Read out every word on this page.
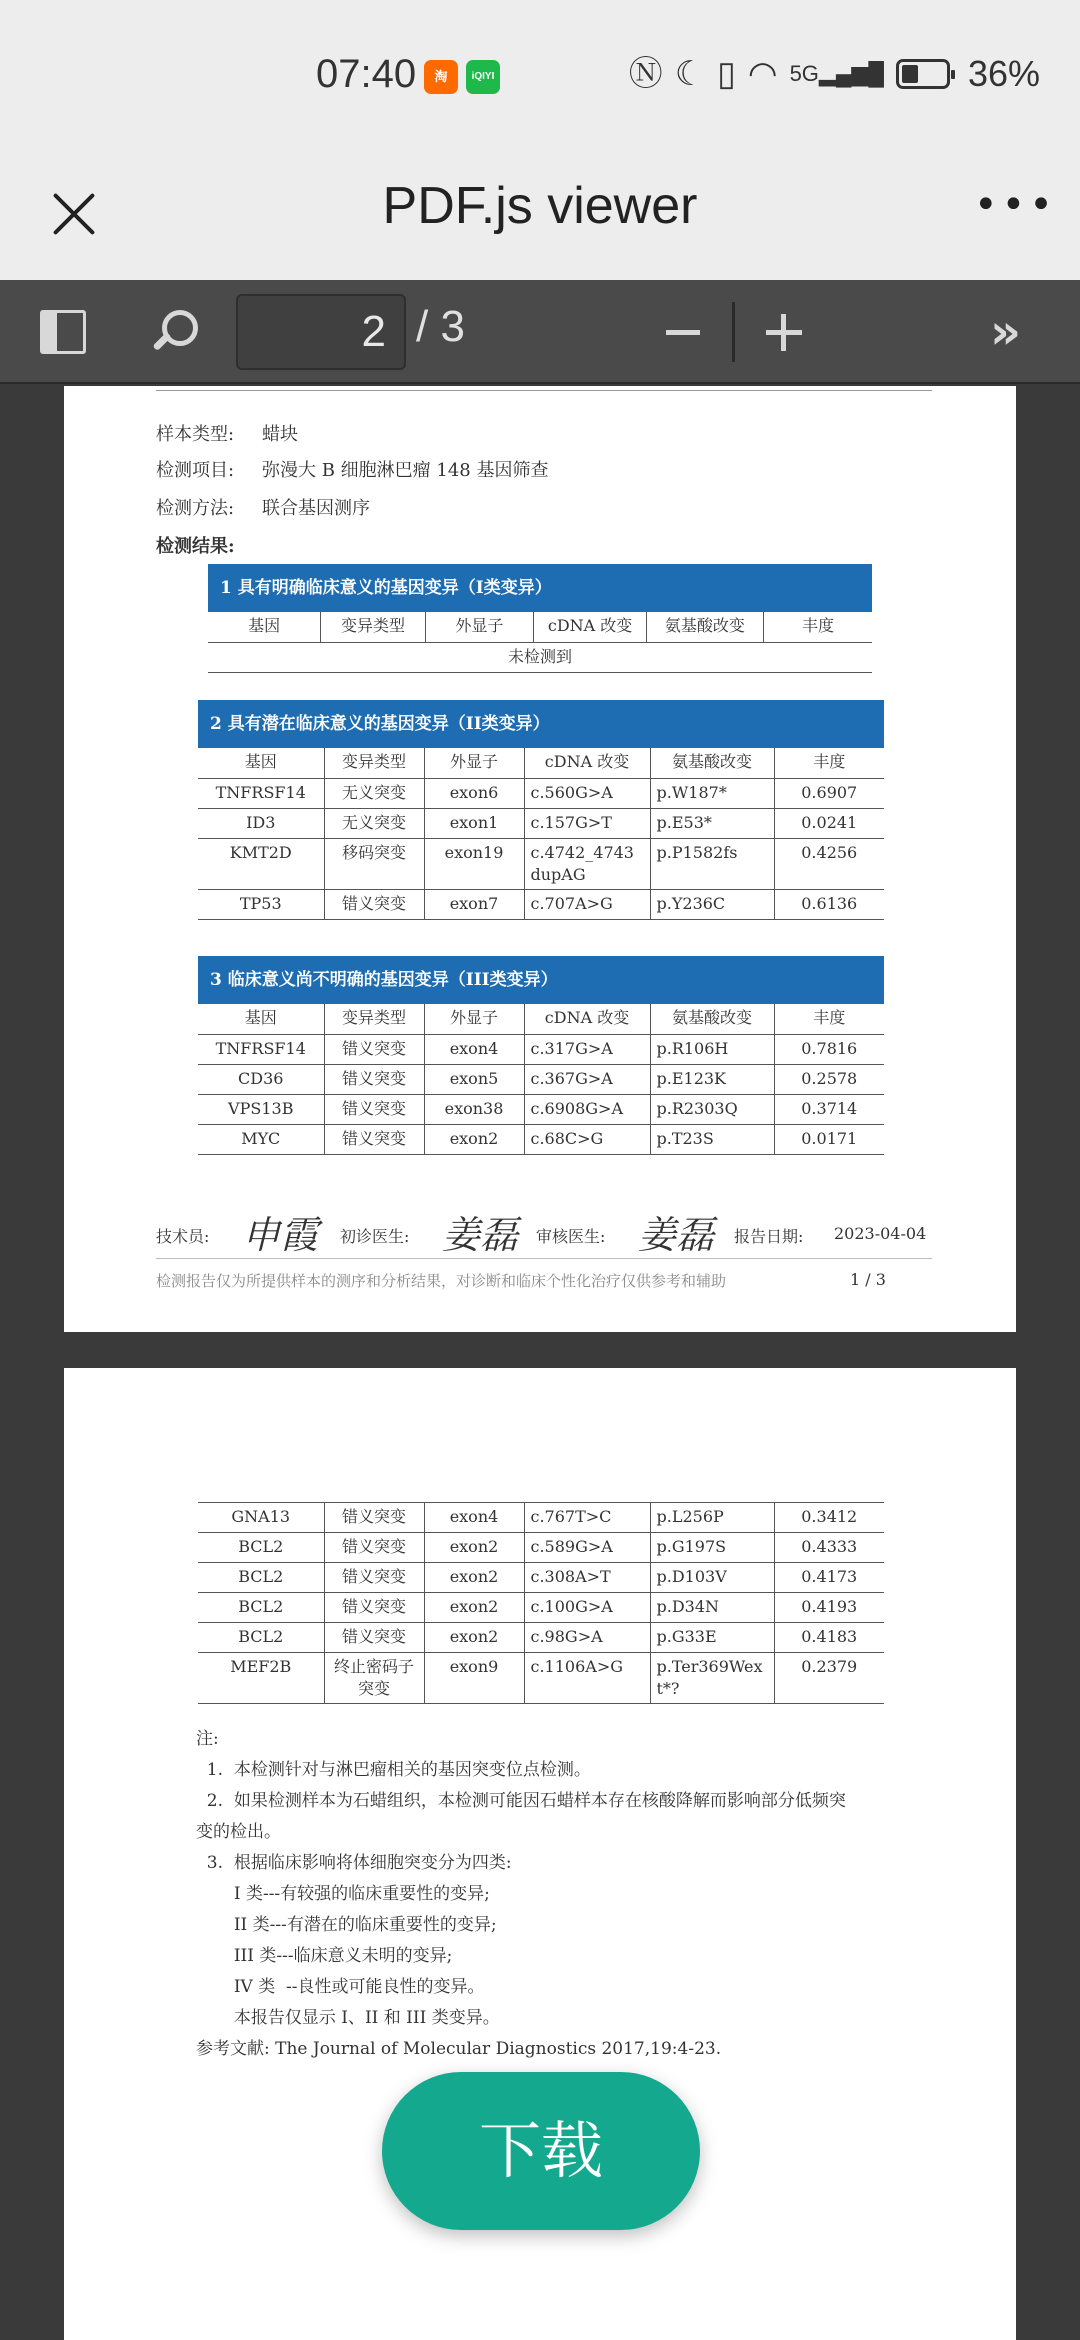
07:40	淘	iQIYI	Ⓝ ☾ ▯ ◠ 5G▂▄▆█ 36%
PDF.js viewer	•••
2 / 3	»
样本类型: 蜡块
检测项目: 弥漫大 B 细胞淋巴瘤 148 基因筛查
检测方法: 联合基因测序
检测结果:
1 具有明确临床意义的基因变异（I类变异）
基因	变异类型	外显子	cDNA 改变	氨基酸改变	丰度
未检测到
2 具有潜在临床意义的基因变异（II类变异）
基因	变异类型	外显子	cDNA 改变	氨基酸改变	丰度
TNFRSF14	无义突变	exon6	c.560G>A	p.W187*	0.6907
ID3	无义突变	exon1	c.157G>T	p.E53*	0.0241
KMT2D	移码突变	exon19	c.4742_4743dupAG	p.P1582fs	0.4256
TP53	错义突变	exon7	c.707A>G	p.Y236C	0.6136
3 临床意义尚不明确的基因变异（III类变异）
基因	变异类型	外显子	cDNA 改变	氨基酸改变	丰度
TNFRSF14	错义突变	exon4	c.317G>A	p.R106H	0.7816
CD36	错义突变	exon5	c.367G>A	p.E123K	0.2578
VPS13B	错义突变	exon38	c.6908G>A	p.R2303Q	0.3714
MYC	错义突变	exon2	c.68C>G	p.T23S	0.0171
技术员: 申霞 初诊医生: 姜磊 审核医生: 姜磊 报告日期: 2023-04-04
检测报告仅为所提供样本的测序和分析结果，对诊断和临床个性化治疗仅供参考和辅助	1 / 3
GNA13	错义突变	exon4	c.767T>C	p.L256P	0.3412
BCL2	错义突变	exon2	c.589G>A	p.G197S	0.4333
BCL2	错义突变	exon2	c.308A>T	p.D103V	0.4173
BCL2	错义突变	exon2	c.100G>A	p.D34N	0.4193
BCL2	错义突变	exon2	c.98G>A	p.G33E	0.4183
MEF2B	终止密码子突变	exon9	c.1106A>G	p.Ter369Wext*?	0.2379
注:
1.  本检测针对与淋巴瘤相关的基因突变位点检测。
2.  如果检测样本为石蜡组织，本检测可能因石蜡样本存在核酸降解而影响部分低频突
变的检出。
3.  根据临床影响将体细胞突变分为四类:
I 类---有较强的临床重要性的变异;
II 类---有潜在的临床重要性的变异;
III 类---临床意义未明的变异;
IV 类  --良性或可能良性的变异。
本报告仅显示 I、II 和 III 类变异。
参考文献: The Journal of Molecular Diagnostics 2017,19:4-23.
下载
